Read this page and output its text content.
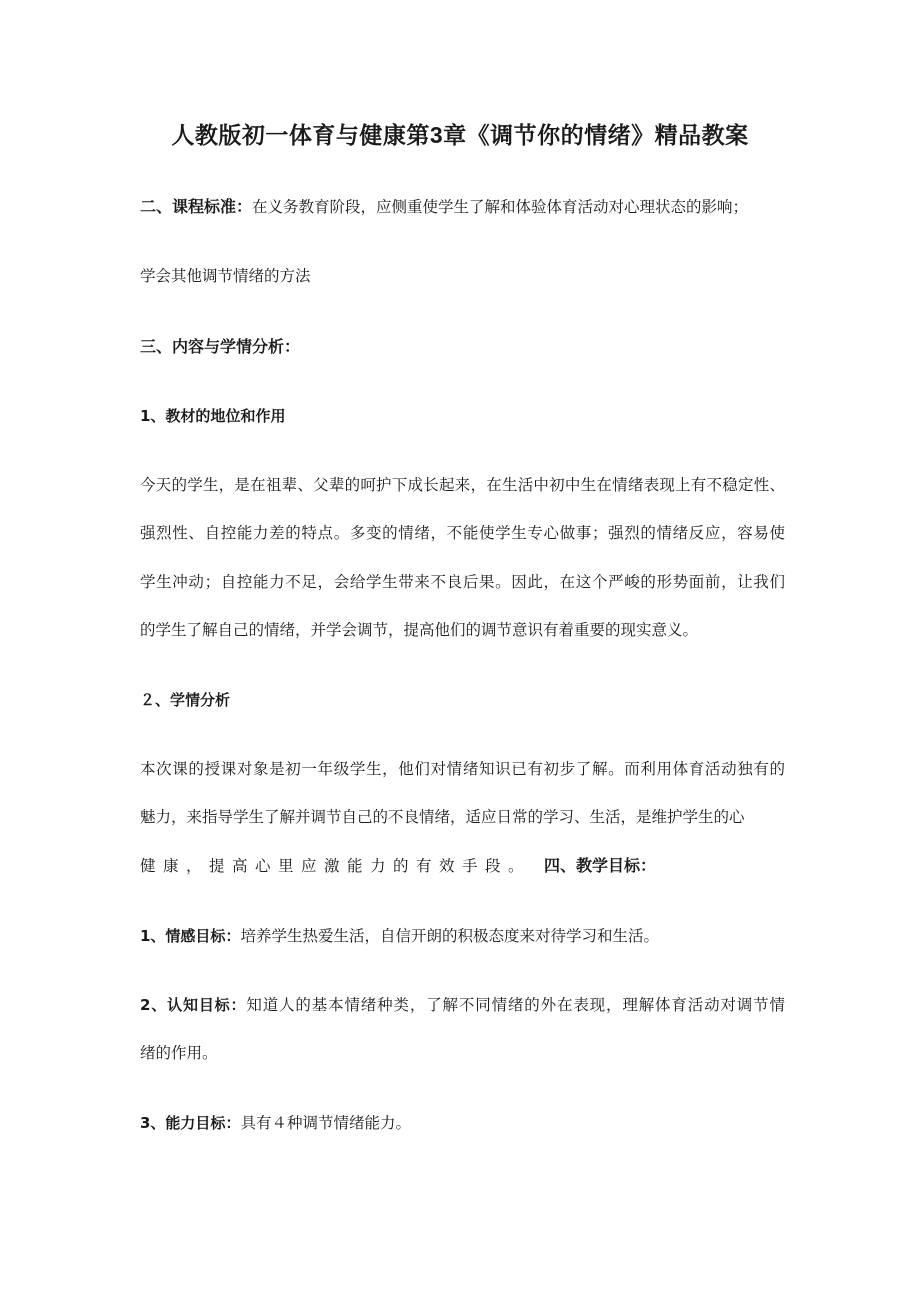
人教版初一体育与健康第3章《调节你的情绪》精品教案
二、课程标准：在义务教育阶段，应侧重使学生了解和体验体育活动对心理状态的影响；
学会其他调节情绪的方法
三、内容与学情分析：
1、教材的地位和作用
今天的学生，是在祖辈、父辈的呵护下成长起来，在生活中初中生在情绪表现上有不稳定性、
强烈性、自控能力差的特点。多变的情绪，不能使学生专心做事；强烈的情绪反应，容易使
学生冲动；自控能力不足，会给学生带来不良后果。因此，在这个严峻的形势面前，让我们
的学生了解自己的情绪，并学会调节，提高他们的调节意识有着重要的现实意义。
２、学情分析
本次课的授课对象是初一年级学生，他们对情绪知识已有初步了解。而利用体育活动独有的
魅力，来指导学生了解并调节自己的不良情绪，适应日常的学习、生活，是维护学生的心
健康，提高心里应激能力的有效手段。 四、教学目标：
1、情感目标：培养学生热爱生活，自信开朗的积极态度来对待学习和生活。
2、认知目标：知道人的基本情绪种类，了解不同情绪的外在表现，理解体育活动对调节情
绪的作用。
3、能力目标：具有４种调节情绪能力。
